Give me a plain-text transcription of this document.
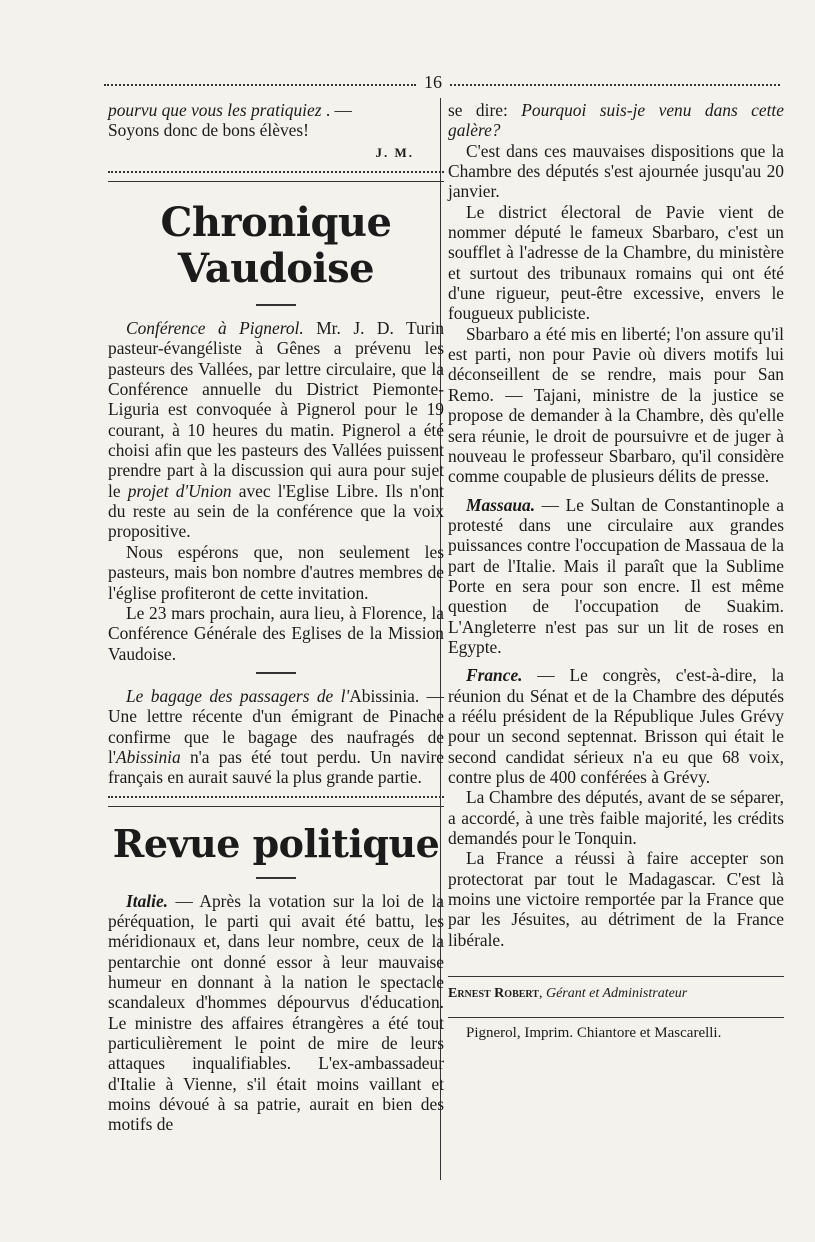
16

pourvu que vous les pratiquiez . —

Soyons donc de bons élèves!

J. M.
Chronique Vaudoise

Conférence à Pignerol. Mr. J. D. Turin pasteur-évangéliste à Gênes a prévenu les pasteurs des Vallées, par lettre circulaire, que la Conférence annuelle du District Piemonte-Liguria est convoquée à Pignerol pour le 19 courant, à 10 heures du matin. Pignerol a été choisi afin que les pasteurs des Vallées puissent prendre part à la discussion qui aura pour sujet le projet d'Union avec l'Eglise Libre. Ils n'ont du reste au sein de la conférence que la voix propositive.

Nous espérons que, non seulement les pasteurs, mais bon nombre d'autres membres de l'église profiteront de cette invitation.

Le 23 mars prochain, aura lieu, à Florence, la Conférence Générale des Eglises de la Mission Vaudoise.

Le bagage des passagers de l'Abissinia. — Une lettre récente d'un émigrant de Pinache confirme que le bagage des naufragés de l'Abissinia n'a pas été tout perdu. Un navire français en aurait sauvé la plus grande partie.

Revue politique

Italie. — Après la votation sur la loi de la péréquation, le parti qui avait été battu, les méridionaux et, dans leur nombre, ceux de la pentarchie ont donné essor à leur mauvaise humeur en donnant à la nation le spectacle scandaleux d'hommes dépourvus d'éducation. Le ministre des affaires étrangères a été tout particulièrement le point de mire de leurs attaques inqualifiables. L'ex-ambassadeur d'Italie à Vienne, s'il était moins vaillant et moins dévoué à sa patrie, aurait en bien des motifs de

se dire: Pourquoi suis-je venu dans cette galère?

C'est dans ces mauvaises dispositions que la Chambre des députés s'est ajournée jusqu'au 20 janvier.

Le district électoral de Pavie vient de nommer député le fameux Sbarbaro, c'est un soufflet à l'adresse de la Chambre, du ministère et surtout des tribunaux romains qui ont été d'une rigueur, peut-être excessive, envers le fougueux publiciste.

Sbarbaro a été mis en liberté; l'on assure qu'il est parti, non pour Pavie où divers motifs lui déconseillent de se rendre, mais pour San Remo. — Tajani, ministre de la justice se propose de demander à la Chambre, dès qu'elle sera réunie, le droit de poursuivre et de juger à nouveau le professeur Sbarbaro, qu'il considère comme coupable de plusieurs délits de presse.

Massaua. — Le Sultan de Constantinople a protesté dans une circulaire aux grandes puissances contre l'occupation de Massaua de la part de l'Italie. Mais il paraît que la Sublime Porte en sera pour son encre. Il est même question de l'occupation de Suakim. L'Angleterre n'est pas sur un lit de roses en Egypte.

France. — Le congrès, c'est-à-dire, la réunion du Sénat et de la Chambre des députés a réélu président de la République Jules Grévy pour un second septennat. Brisson qui était le second candidat sérieux n'a eu que 68 voix, contre plus de 400 conférées à Grévy.

La Chambre des députés, avant de se séparer, a accordé, à une très faible majorité, les crédits demandés pour le Tonquin.

La France a réussi à faire accepter son protectorat par tout le Madagascar. C'est là moins une victoire remportée par la France que par les Jésuites, au détriment de la France libérale.

Ernest Robert, Gérant et Administrateur

Pignerol, Imprim. Chiantore et Mascarelli.
